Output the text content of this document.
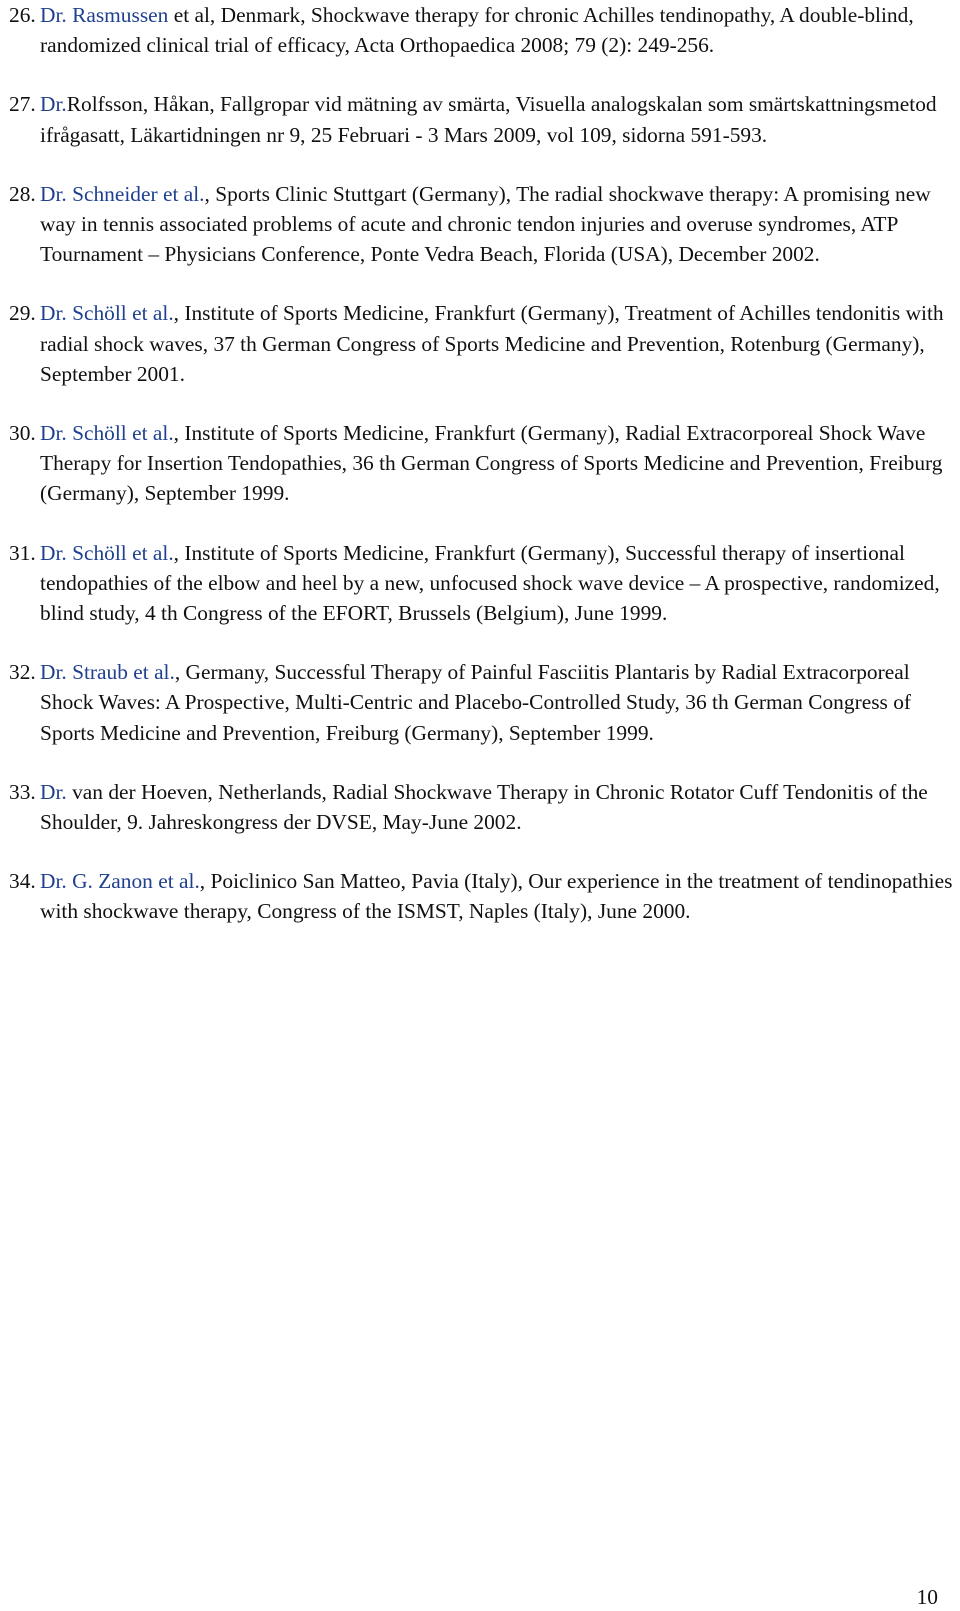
26. Dr. Rasmussen et al, Denmark, Shockwave therapy for chronic Achilles tendinopathy, A double-blind, randomized clinical trial of efficacy, Acta Orthopaedica 2008; 79 (2): 249-256.
27. Dr.Rolfsson, Håkan, Fallgropar vid mätning av smärta, Visuella analogskalan som smärtskattningsmetod ifrågasatt, Läkartidningen nr 9, 25 Februari - 3 Mars 2009, vol 109, sidorna 591-593.
28. Dr. Schneider et al., Sports Clinic Stuttgart (Germany), The radial shockwave therapy: A promising new way in tennis associated problems of acute and chronic tendon injuries and overuse syndromes, ATP Tournament – Physicians Conference, Ponte Vedra Beach, Florida (USA), December 2002.
29. Dr. Schöll et al., Institute of Sports Medicine, Frankfurt (Germany), Treatment of Achilles tendonitis with radial shock waves, 37 th German Congress of Sports Medicine and Prevention, Rotenburg (Germany), September 2001.
30. Dr. Schöll et al., Institute of Sports Medicine, Frankfurt (Germany), Radial Extracorporeal Shock Wave Therapy for Insertion Tendopathies, 36 th German Congress of Sports Medicine and Prevention, Freiburg (Germany), September 1999.
31. Dr. Schöll et al., Institute of Sports Medicine, Frankfurt (Germany), Successful therapy of insertional tendopathies of the elbow and heel by a new, unfocused shock wave device – A prospective, randomized, blind study, 4 th Congress of the EFORT, Brussels (Belgium), June 1999.
32. Dr. Straub et al., Germany, Successful Therapy of Painful Fasciitis Plantaris by Radial Extracorporeal Shock Waves: A Prospective, Multi-Centric and Placebo-Controlled Study, 36 th German Congress of Sports Medicine and Prevention, Freiburg (Germany), September 1999.
33. Dr. van der Hoeven, Netherlands, Radial Shockwave Therapy in Chronic Rotator Cuff Tendonitis of the Shoulder, 9. Jahreskongress der DVSE, May-June 2002.
34. Dr. G. Zanon et al., Poiclinico San Matteo, Pavia (Italy), Our experience in the treatment of tendinopathies with shockwave therapy, Congress of the ISMST, Naples (Italy), June 2000.
10
